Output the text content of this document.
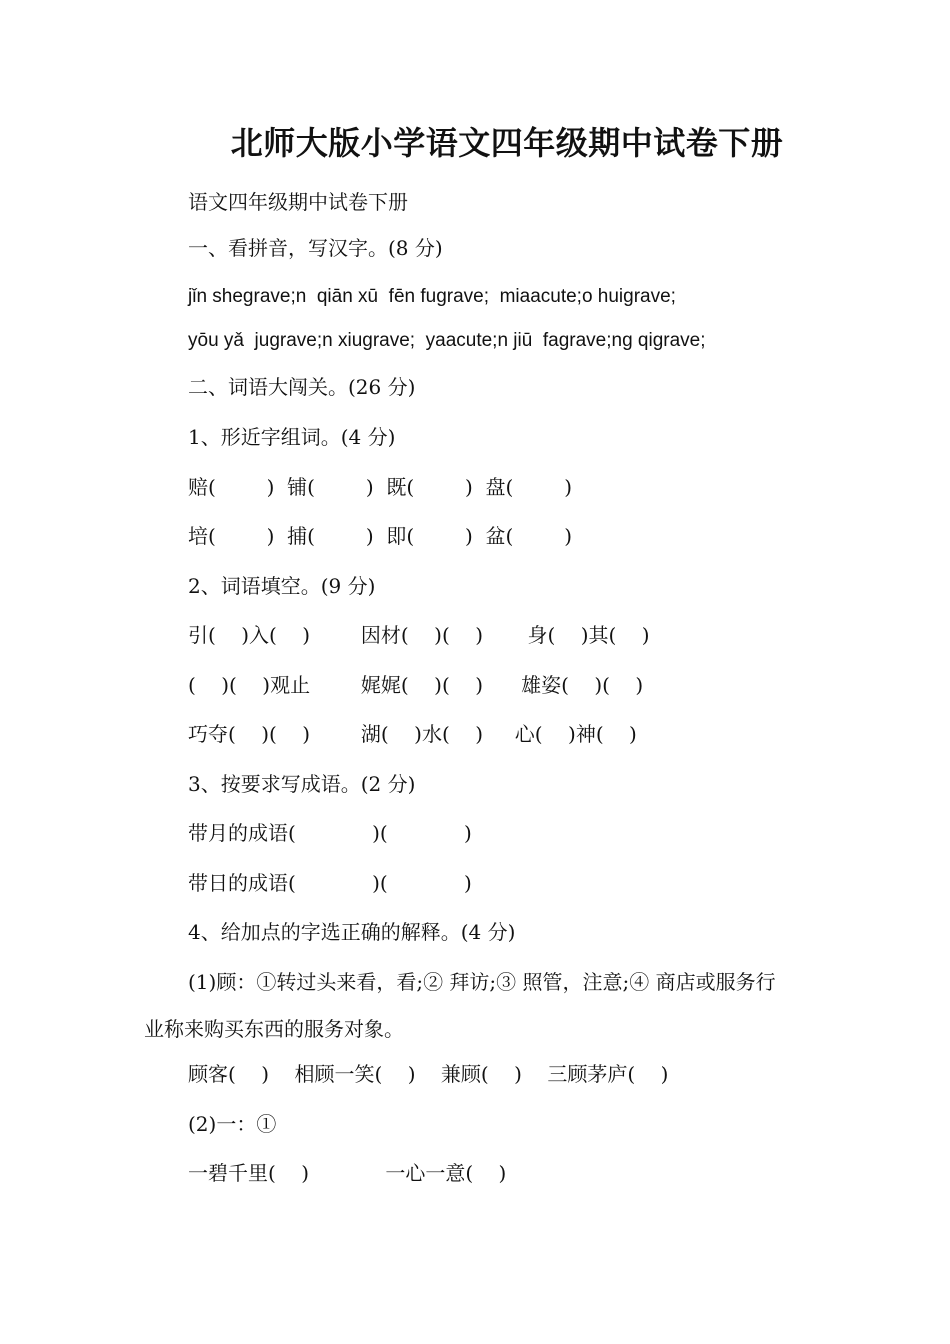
北师大版小学语文四年级期中试卷下册
语文四年级期中试卷下册
一、看拼音，写汉字。(8 分)
jǐn shegrave;n  qiān xū  fēn fugrave;  miaacute;o huigrave;
yōu yǎ  jugrave;n xiugrave;  yaacute;n jiū  fagrave;ng qigrave;
二、词语大闯关。(26 分)
1、形近字组词。(4 分)
赔(        )  铺(        )  既(        )  盘(        )
培(        )  捕(        )  即(        )  盆(        )
2、词语填空。(9 分)
引(    )入(    )        因材(    )(    )       身(    )其(    )
(    )(    )观止        娓娓(    )(    )      雄姿(    )(    )
巧夺(    )(    )        湖(    )水(    )     心(    )神(    )
3、按要求写成语。(2 分)
带月的成语(            )(            )
带日的成语(            )(            )
4、给加点的字选正确的解释。(4 分)
(1)顾：①转过头来看，看;② 拜访;③ 照管，注意;④ 商店或服务行
业称来购买东西的服务对象。
顾客(    )    相顾一笑(    )    兼顾(    )    三顾茅庐(    )
(2)一：①
一碧千里(    )            一心一意(    )
